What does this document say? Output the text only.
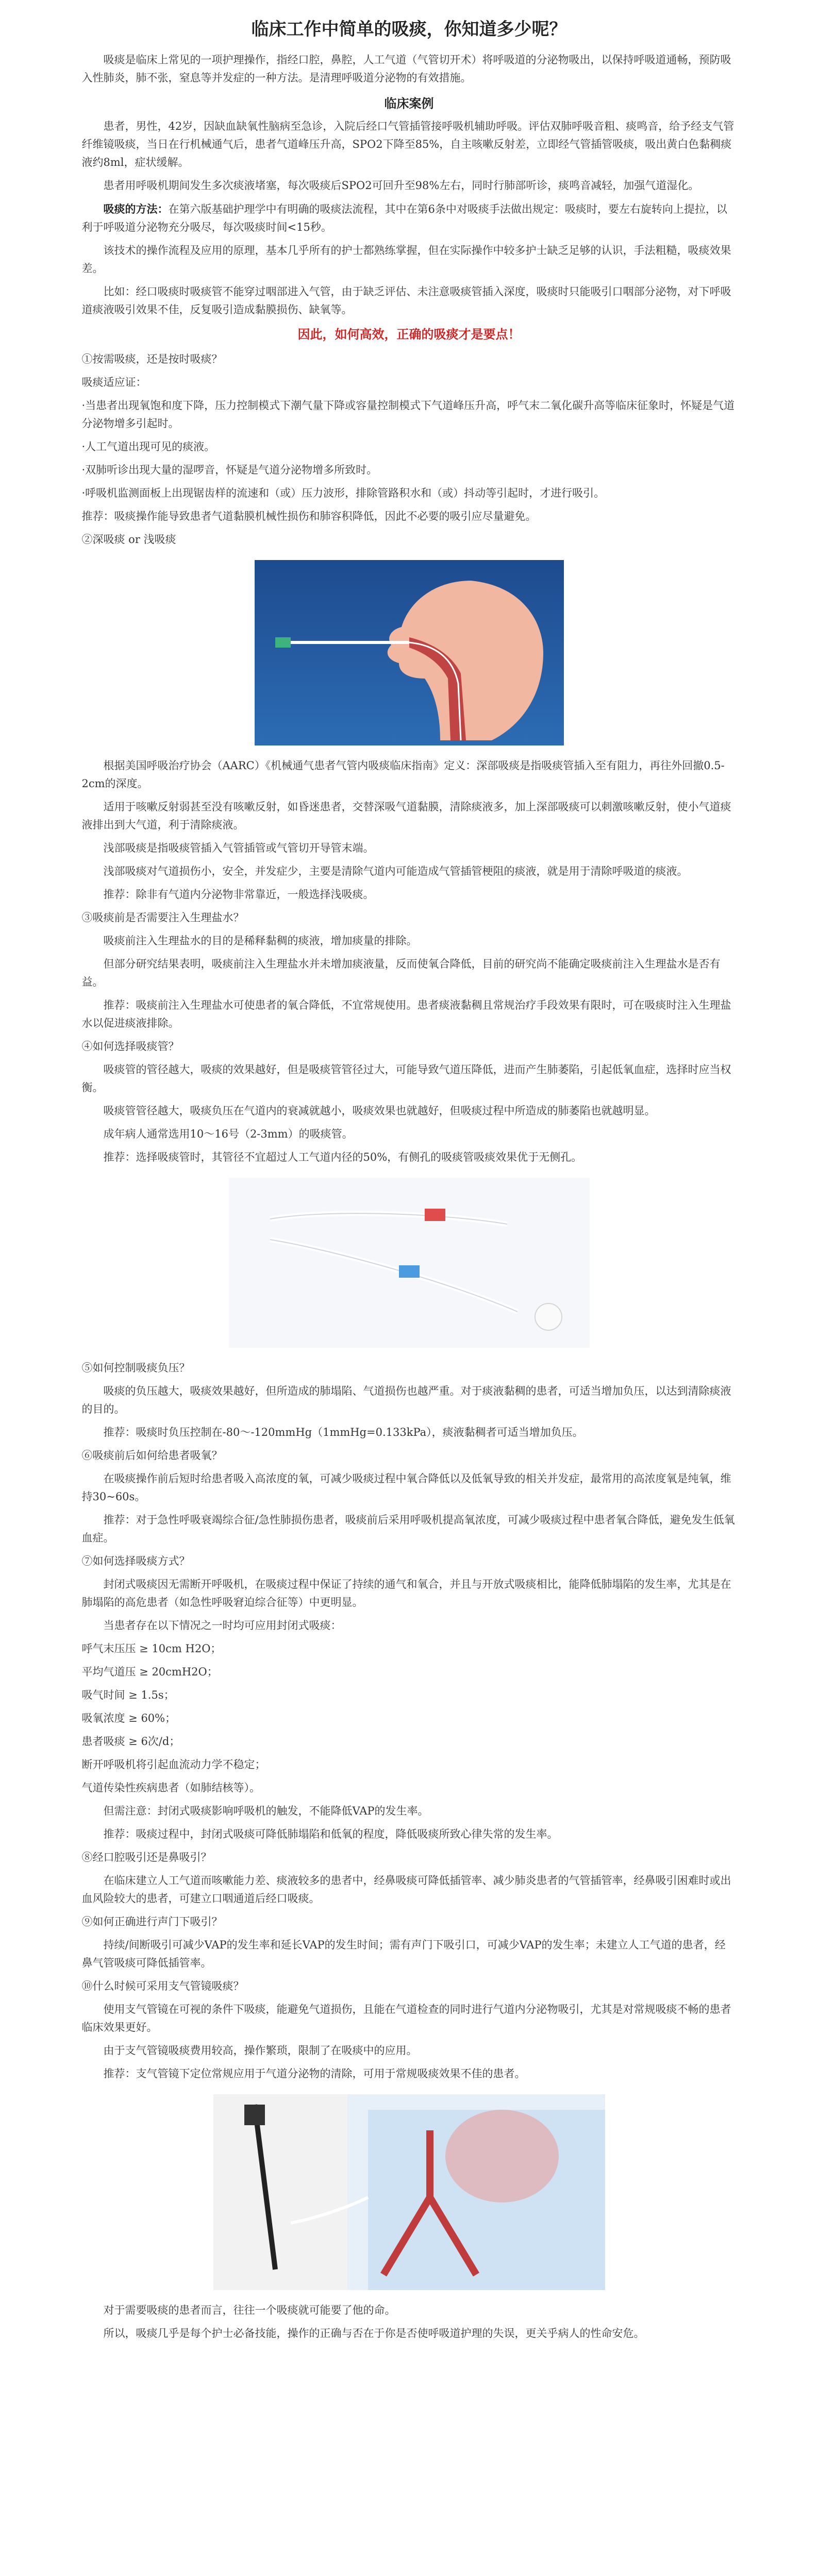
临床工作中简单的吸痰，你知道多少呢？

吸痰是临床上常见的一项护理操作，指经口腔，鼻腔，人工气道（气管切开术）将呼吸道的分泌物吸出，以保持呼吸道通畅，预防吸入性肺炎，肺不张，窒息等并发症的一种方法。是清理呼吸道分泌物的有效措施。

临床案例

患者，男性，42岁，因缺血缺氧性脑病至急诊，入院后经口气管插管接呼吸机辅助呼吸。评估双肺呼吸音粗、痰鸣音，给予经支气管纤维镜吸痰，当日在行机械通气后，患者气道峰压升高，SPO2下降至85%，自主咳嗽反射差，立即经气管插管吸痰，吸出黄白色黏稠痰液约8ml，症状缓解。

患者用呼吸机期间发生多次痰液堵塞，每次吸痰后SPO2可回升至98%左右，同时行肺部听诊，痰鸣音减轻，加强气道湿化。

吸痰的方法：在第六版基础护理学中有明确的吸痰法流程，其中在第6条中对吸痰手法做出规定：吸痰时，要左右旋转向上提拉，以利于呼吸道分泌物充分吸尽，每次吸痰时间<15秒。

该技术的操作流程及应用的原理，基本几乎所有的护士都熟练掌握，但在实际操作中较多护士缺乏足够的认识，手法粗糙，吸痰效果差。

比如：经口吸痰时吸痰管不能穿过咽部进入气管，由于缺乏评估、未注意吸痰管插入深度，吸痰时只能吸引口咽部分泌物，对下呼吸道痰液吸引效果不佳，反复吸引造成黏膜损伤、缺氧等。

因此，如何高效，正确的吸痰才是要点！

①按需吸痰，还是按时吸痰？

吸痰适应证：

·当患者出现氧饱和度下降，压力控制模式下潮气量下降或容量控制模式下气道峰压升高，呼气末二氧化碳升高等临床征象时，怀疑是气道分泌物增多引起时。

·人工气道出现可见的痰液。

·双肺听诊出现大量的湿啰音，怀疑是气道分泌物增多所致时。

·呼吸机监测面板上出现锯齿样的流速和（或）压力波形，排除管路积水和（或）抖动等引起时，才进行吸引。

推荐：吸痰操作能导致患者气道黏膜机械性损伤和肺容积降低，因此不必要的吸引应尽量避免。

②深吸痰 or 浅吸痰

根据美国呼吸治疗协会（AARC）《机械通气患者气管内吸痰临床指南》定义：深部吸痰是指吸痰管插入至有阻力，再往外回撤0.5-2cm的深度。

适用于咳嗽反射弱甚至没有咳嗽反射，如昏迷患者，交替深吸气道黏膜，清除痰液多，加上深部吸痰可以刺激咳嗽反射，使小气道痰液排出到大气道，利于清除痰液。

浅部吸痰是指吸痰管插入气管插管或气管切开导管末端。

浅部吸痰对气道损伤小，安全，并发症少，主要是清除气道内可能造成气管插管梗阻的痰液，就是用于清除呼吸道的痰液。

推荐：除非有气道内分泌物非常靠近，一般选择浅吸痰。

③吸痰前是否需要注入生理盐水？

吸痰前注入生理盐水的目的是稀释黏稠的痰液，增加痰量的排除。

但部分研究结果表明，吸痰前注入生理盐水并未增加痰液量，反而使氧合降低，目前的研究尚不能确定吸痰前注入生理盐水是否有益。

推荐：吸痰前注入生理盐水可使患者的氧合降低，不宜常规使用。患者痰液黏稠且常规治疗手段效果有限时，可在吸痰时注入生理盐水以促进痰液排除。

④如何选择吸痰管？

吸痰管的管径越大，吸痰的效果越好，但是吸痰管管径过大，可能导致气道压降低，进而产生肺萎陷，引起低氧血症，选择时应当权衡。

吸痰管管径越大，吸痰负压在气道内的衰减就越小，吸痰效果也就越好，但吸痰过程中所造成的肺萎陷也就越明显。

成年病人通常选用10～16号（2-3mm）的吸痰管。

推荐：选择吸痰管时，其管径不宜超过人工气道内径的50%，有侧孔的吸痰管吸痰效果优于无侧孔。

⑤如何控制吸痰负压？

吸痰的负压越大，吸痰效果越好，但所造成的肺塌陷、气道损伤也越严重。对于痰液黏稠的患者，可适当增加负压，以达到清除痰液的目的。

推荐：吸痰时负压控制在-80～-120mmHg（1mmHg=0.133kPa），痰液黏稠者可适当增加负压。

⑥吸痰前后如何给患者吸氧？

在吸痰操作前后短时给患者吸入高浓度的氧，可减少吸痰过程中氧合降低以及低氧导致的相关并发症，最常用的高浓度氧是纯氧，维持30~60s。

推荐：对于急性呼吸衰竭综合征/急性肺损伤患者，吸痰前后采用呼吸机提高氧浓度，可减少吸痰过程中患者氧合降低，避免发生低氧血症。

⑦如何选择吸痰方式？

封闭式吸痰因无需断开呼吸机，在吸痰过程中保证了持续的通气和氧合，并且与开放式吸痰相比，能降低肺塌陷的发生率，尤其是在肺塌陷的高危患者（如急性呼吸窘迫综合征等）中更明显。

当患者存在以下情况之一时均可应用封闭式吸痰：

呼气末压压 ≥ 10cm H2O；

平均气道压 ≥ 20cmH2O；

吸气时间 ≥ 1.5s；

吸氧浓度 ≥ 60%；

患者吸痰 ≥ 6次/d；

断开呼吸机将引起血流动力学不稳定；

气道传染性疾病患者（如肺结核等）。

但需注意：封闭式吸痰影响呼吸机的触发，不能降低VAP的发生率。

推荐：吸痰过程中，封闭式吸痰可降低肺塌陷和低氧的程度，降低吸痰所致心律失常的发生率。

⑧经口腔吸引还是鼻吸引？

在临床建立人工气道而咳嗽能力差、痰液较多的患者中，经鼻吸痰可降低插管率、减少肺炎患者的气管插管率，经鼻吸引困难时或出血风险较大的患者，可建立口咽通道后经口吸痰。

⑨如何正确进行声门下吸引？

持续/间断吸引可减少VAP的发生率和延长VAP的发生时间；需有声门下吸引口，可减少VAP的发生率；未建立人工气道的患者，经鼻气管吸痰可降低插管率。

⑩什么时候可采用支气管镜吸痰？

使用支气管镜在可视的条件下吸痰，能避免气道损伤，且能在气道检查的同时进行气道内分泌物吸引，尤其是对常规吸痰不畅的患者临床效果更好。

由于支气管镜吸痰费用较高，操作繁琐，限制了在吸痰中的应用。

推荐：支气管镜下定位常规应用于气道分泌物的清除，可用于常规吸痰效果不佳的患者。

对于需要吸痰的患者而言，往往一个吸痰就可能要了他的命。

所以，吸痰几乎是每个护士必备技能，操作的正确与否在于你是否使呼吸道护理的失误，更关乎病人的性命安危。
